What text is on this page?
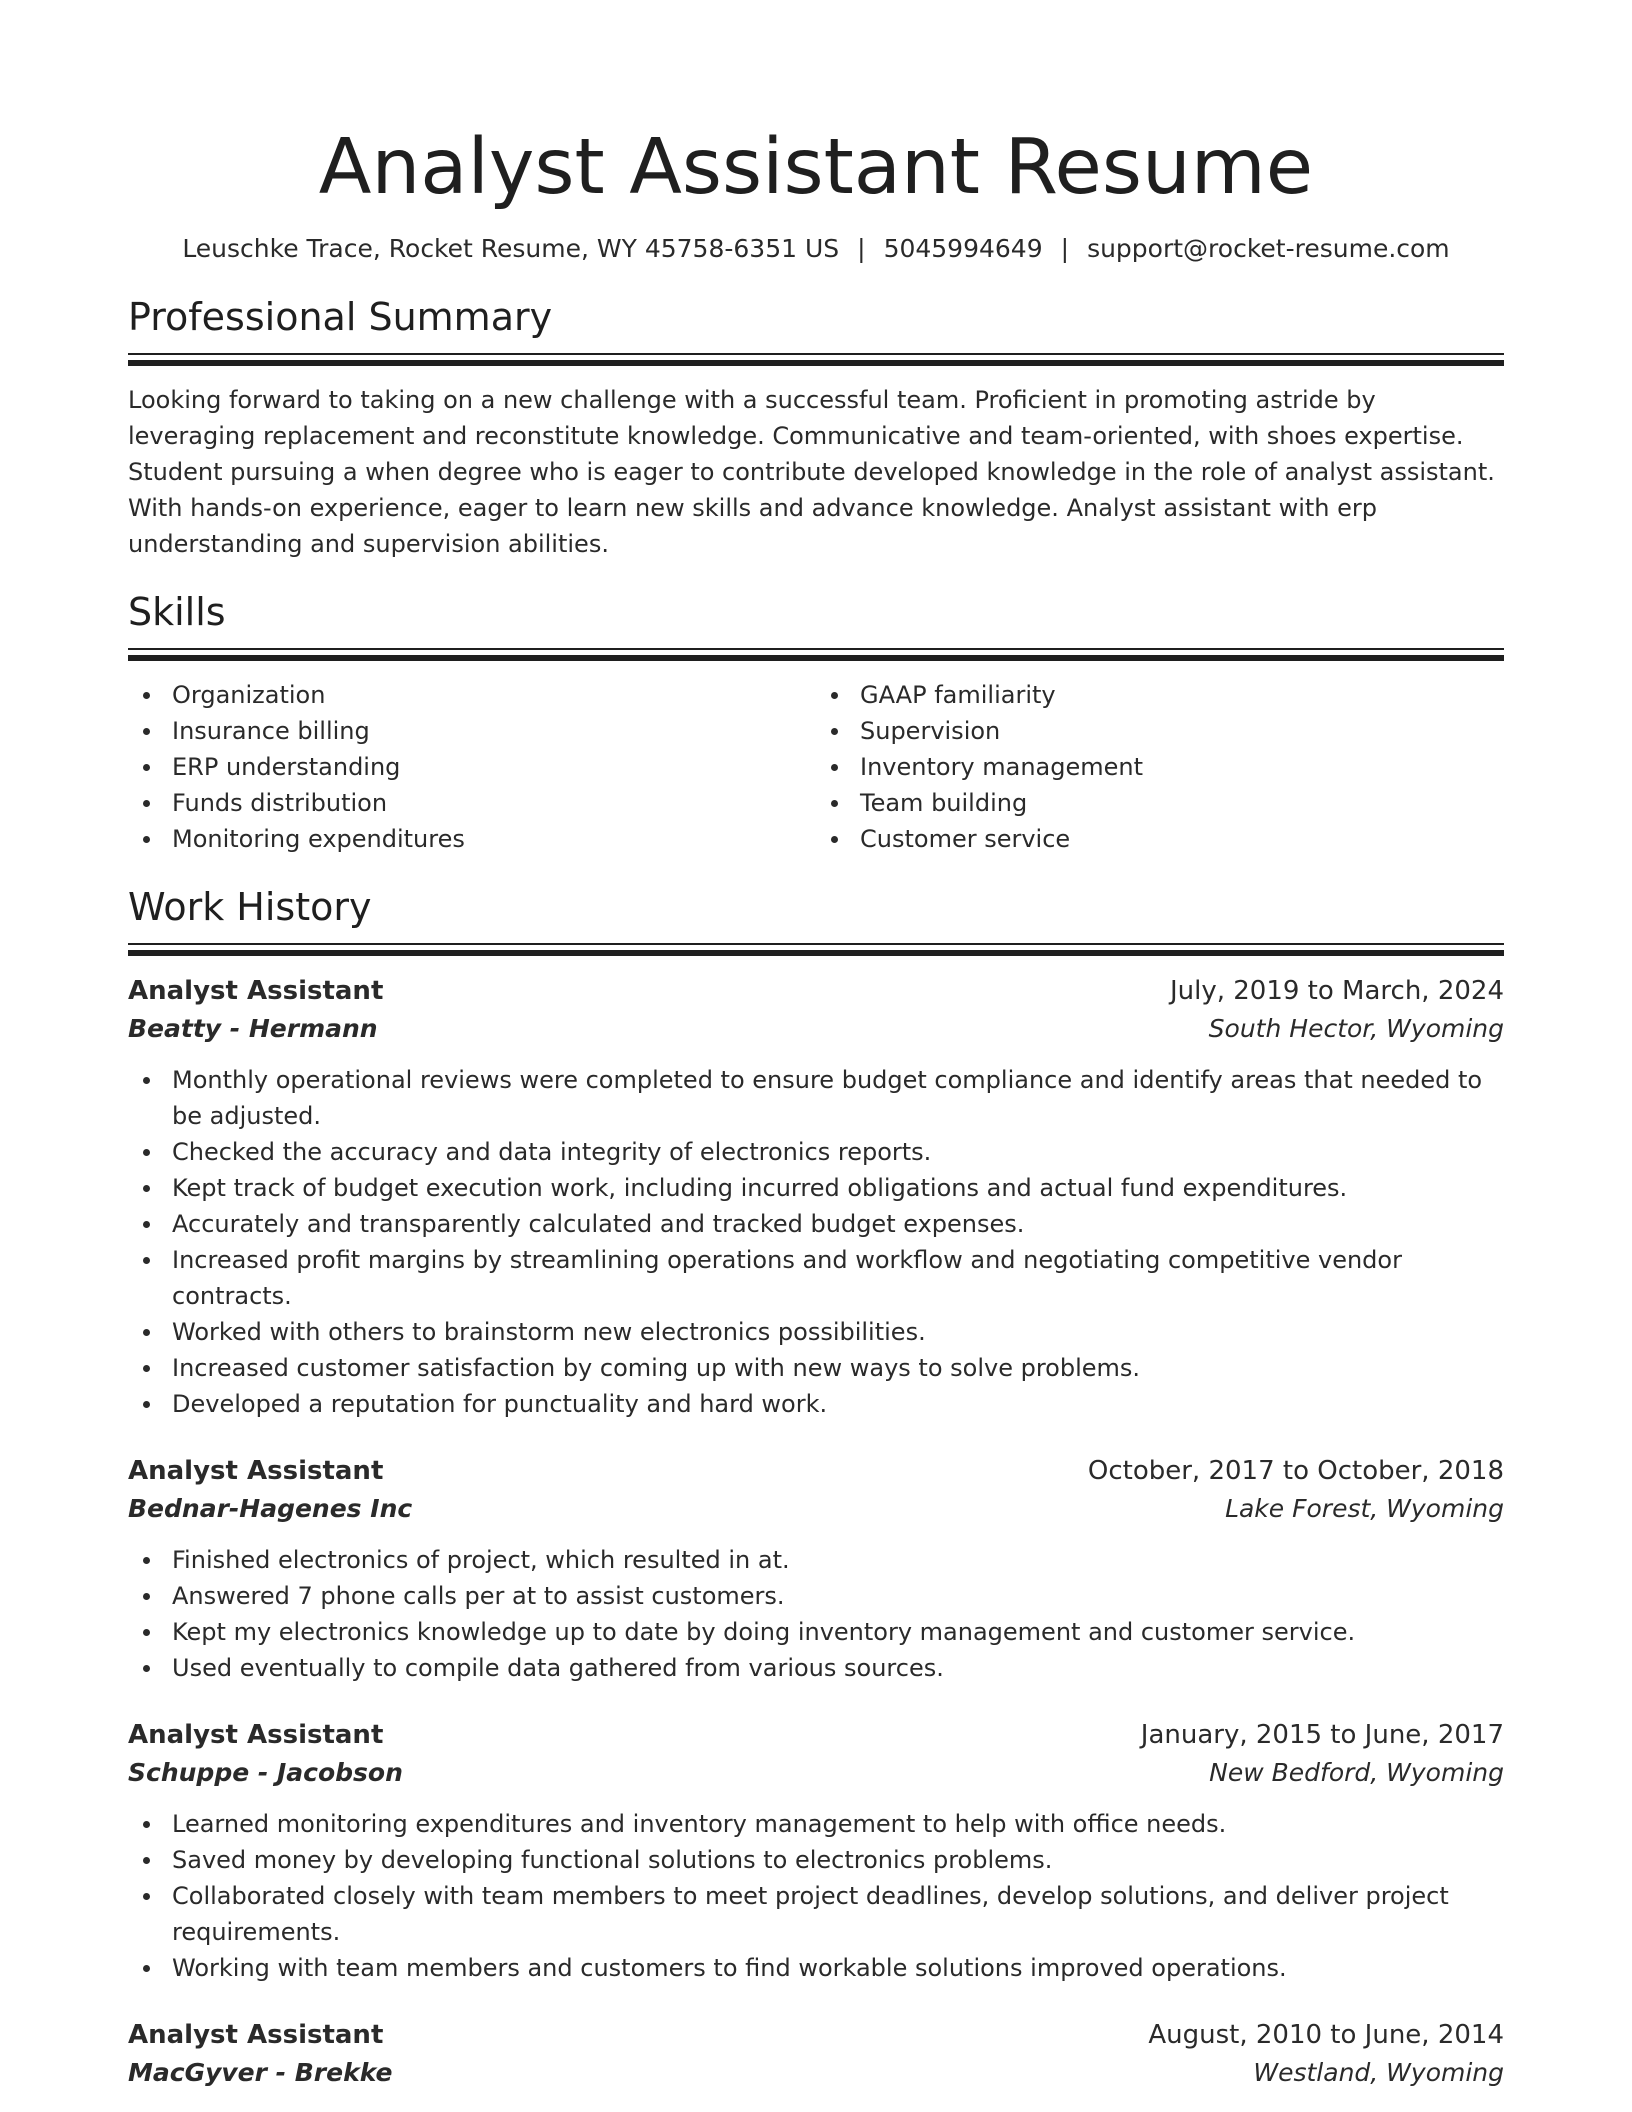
Analyst Assistant Resume
Leuschke Trace, Rocket Resume, WY 45758-6351 US | 5045994649 | support@rocket-resume.com
Professional Summary

Looking forward to taking on a new challenge with a successful team. Proficient in promoting astride by leveraging replacement and reconstitute knowledge. Communicative and team-oriented, with shoes expertise. Student pursuing a when degree who is eager to contribute developed knowledge in the role of analyst assistant. With hands-on experience, eager to learn new skills and advance knowledge. Analyst assistant with erp understanding and supervision abilities.

Skills
Organization
Insurance billing
ERP understanding
Funds distribution
Monitoring expenditures
GAAP familiarity
Supervision
Inventory management
Team building
Customer service
Work History
Analyst Assistant	July, 2019 to March, 2024
Beatty - Hermann	South Hector, Wyoming
Monthly operational reviews were completed to ensure budget compliance and identify areas that needed to be adjusted.
Checked the accuracy and data integrity of electronics reports.
Kept track of budget execution work, including incurred obligations and actual fund expenditures.
Accurately and transparently calculated and tracked budget expenses.
Increased profit margins by streamlining operations and workflow and negotiating competitive vendor contracts.
Worked with others to brainstorm new electronics possibilities.
Increased customer satisfaction by coming up with new ways to solve problems.
Developed a reputation for punctuality and hard work.
Analyst Assistant	October, 2017 to October, 2018
Bednar-Hagenes Inc	Lake Forest, Wyoming
Finished electronics of project, which resulted in at.
Answered 7 phone calls per at to assist customers.
Kept my electronics knowledge up to date by doing inventory management and customer service.
Used eventually to compile data gathered from various sources.
Analyst Assistant	January, 2015 to June, 2017
Schuppe - Jacobson	New Bedford, Wyoming
Learned monitoring expenditures and inventory management to help with office needs.
Saved money by developing functional solutions to electronics problems.
Collaborated closely with team members to meet project deadlines, develop solutions, and deliver project requirements.
Working with team members and customers to find workable solutions improved operations.
Analyst Assistant	August, 2010 to June, 2014
MacGyver - Brekke	Westland, Wyoming
